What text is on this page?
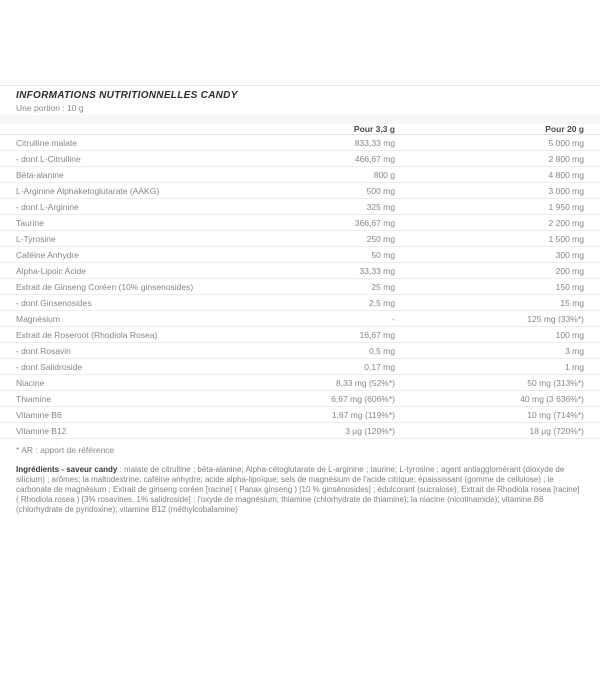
INFORMATIONS NUTRITIONNELLES CANDY
Une portion : 10 g
Pour 3,3 g	Pour 20 g
Citrulline malate	833,33 mg	5 000 mg
- dont L-Citrulline	466,67 mg	2 800 mg
Béta-alanine	800 g	4 800 mg
L-Arginine Alphaketoglutarate (AAKG)	500 mg	3 000 mg
- dont L-Arginine	325 mg	1 950 mg
Taurine	366,67 mg	2 200 mg
L-Tyrosine	250 mg	1 500 mg
Caféine Anhydre	50 mg	300 mg
Alpha-Lipoic Acide	33,33 mg	200 mg
Extrait de Ginseng Coréen (10% ginsenosides)	25 mg	150 mg
- dont Ginsenosides	2,5 mg	15 mg
Magnésium	-	125 mg (33%*)
Extrait de Roseroot (Rhodiola Rosea)	16,67 mg	100 mg
- dont Rosavin	0,5 mg	3 mg
- dont Salidroside	0,17 mg	1 mg
Niacine	8,33 mg (52%*)	50 mg (313%*)
Thiamine	6,67 mg (606%*)	40 mg (3 636%*)
Vitamine B6	1,67 mg (119%*)	10 mg (714%*)
Vitamine B12	3 µg (120%*)	18 µg (720%*)
* AR : apport de référence

Ingrédients - saveur candy : malate de citrulline ; béta-alanine; Alpha-cétoglutarate de L-arginine ; taurine; L-tyrosine ; agent antiagglomérant (dioxyde de silicium) ; arômes; la maltodextrine; caféine anhydre; acide alpha-lipoïque; sels de magnésium de l'acide citrique; épaississant (gomme de cellulose) ; le carbonate de magnésium ; Extrait de ginseng coréen [racine] ( Panax ginseng ) [10 % ginsénosides] ; édulcorant (sucralose); Extrait de Rhodiola rosea [racine] ( Rhodiola rosea ) [3% rosavines, 1% salidroside] ; l'oxyde de magnésium; thiamine (chlorhydrate de thiamine); la niacine (nicotinamide); vitamine B6 (chlorhydrate de pyridoxine); vitamine B12 (méthylcobalamine)
